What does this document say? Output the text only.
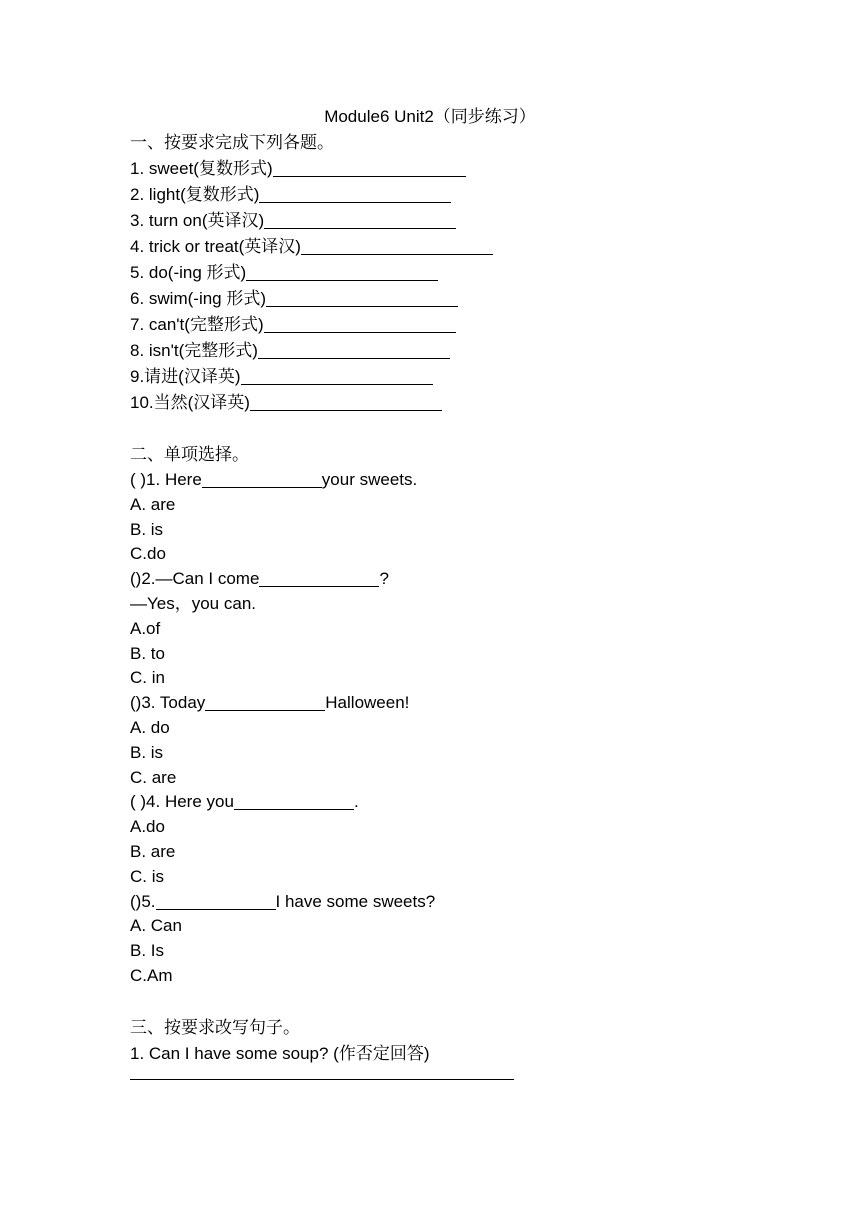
Module6 Unit2（同步练习）
一、按要求完成下列各题。
1. sweet(复数形式)
2. light(复数形式)
3. turn on(英译汉)
4. trick or treat(英译汉)
5. do(-ing 形式)
6. swim(-ing 形式)
7. can't(完整形式)
8. isn't(完整形式)
9.请进(汉译英)
10.当然(汉译英)
二、单项选择。
( )1. Here	your sweets.
A. are
B. is
C.do
()2.—Can I come	?
—Yes，you can.
A.of
B. to
C. in
()3. Today	Halloween!
A. do
B. is
C. are
( )4. Here you	.
A.do
B. are
C. is
()5.	I have some sweets?
A. Can
B. Is
C.Am
三、按要求改写句子。
1. Can I have some soup? (作否定回答)
